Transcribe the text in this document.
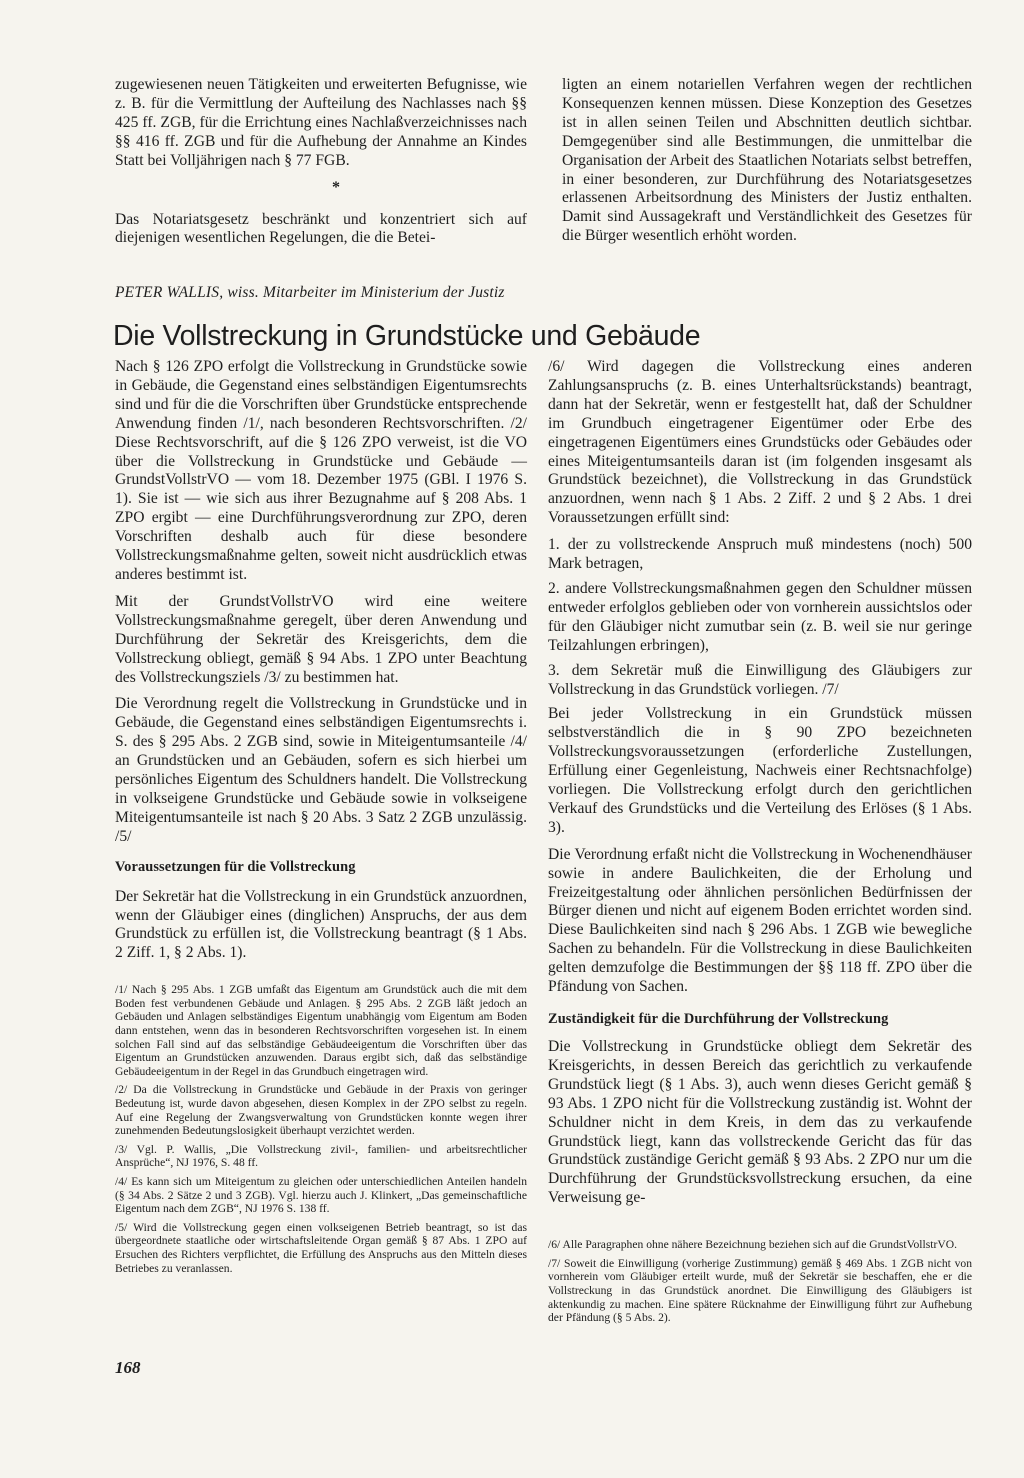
zugewiesenen neuen Tätigkeiten und erweiterten Befugnisse, wie z. B. für die Vermittlung der Aufteilung des Nachlasses nach §§ 425 ff. ZGB, für die Errichtung eines Nachlaßverzeichnisses nach §§ 416 ff. ZGB und für die Aufhebung der Annahme an Kindes Statt bei Volljährigen nach § 77 FGB.

*

Das Notariatsgesetz beschränkt und konzentriert sich auf diejenigen wesentlichen Regelungen, die die Betei-

ligten an einem notariellen Verfahren wegen der rechtlichen Konsequenzen kennen müssen. Diese Konzeption des Gesetzes ist in allen seinen Teilen und Abschnitten deutlich sichtbar. Demgegenüber sind alle Bestimmungen, die unmittelbar die Organisation der Arbeit des Staatlichen Notariats selbst betreffen, in einer besonderen, zur Durchführung des Notariatsgesetzes erlassenen Arbeitsordnung des Ministers der Justiz enthalten. Damit sind Aussagekraft und Verständlichkeit des Gesetzes für die Bürger wesentlich erhöht worden.

PETER WALLIS, wiss. Mitarbeiter im Ministerium der Justiz
Die Vollstreckung in Grundstücke und Gebäude

Nach § 126 ZPO erfolgt die Vollstreckung in Grundstücke sowie in Gebäude, die Gegenstand eines selbständigen Eigentumsrechts sind und für die die Vorschriften über Grundstücke entsprechende Anwendung finden /1/, nach besonderen Rechtsvorschriften. /2/ Diese Rechtsvorschrift, auf die § 126 ZPO verweist, ist die VO über die Vollstreckung in Grundstücke und Gebäude — GrundstVollstrVO — vom 18. Dezember 1975 (GBl. I 1976 S. 1). Sie ist — wie sich aus ihrer Bezugnahme auf § 208 Abs. 1 ZPO ergibt — eine Durchführungsverordnung zur ZPO, deren Vorschriften deshalb auch für diese besondere Vollstreckungsmaßnahme gelten, soweit nicht ausdrücklich etwas anderes bestimmt ist.

Mit der GrundstVollstrVO wird eine weitere Vollstreckungsmaßnahme geregelt, über deren Anwendung und Durchführung der Sekretär des Kreisgerichts, dem die Vollstreckung obliegt, gemäß § 94 Abs. 1 ZPO unter Beachtung des Vollstreckungsziels /3/ zu bestimmen hat.

Die Verordnung regelt die Vollstreckung in Grundstücke und in Gebäude, die Gegenstand eines selbständigen Eigentumsrechts i. S. des § 295 Abs. 2 ZGB sind, sowie in Miteigentumsanteile /4/ an Grundstücken und an Gebäuden, sofern es sich hierbei um persönliches Eigentum des Schuldners handelt. Die Vollstreckung in volkseigene Grundstücke und Gebäude sowie in volkseigene Miteigentumsanteile ist nach § 20 Abs. 3 Satz 2 ZGB unzulässig. /5/

Voraussetzungen für die Vollstreckung

Der Sekretär hat die Vollstreckung in ein Grundstück anzuordnen, wenn der Gläubiger eines (dinglichen) Anspruchs, der aus dem Grundstück zu erfüllen ist, die Vollstreckung beantragt (§ 1 Abs. 2 Ziff. 1, § 2 Abs. 1).

/1/ Nach § 295 Abs. 1 ZGB umfaßt das Eigentum am Grundstück auch die mit dem Boden fest verbundenen Gebäude und Anlagen. § 295 Abs. 2 ZGB läßt jedoch an Gebäuden und Anlagen selbständiges Eigentum unabhängig vom Eigentum am Boden dann entstehen, wenn das in besonderen Rechtsvorschriften vorgesehen ist. In einem solchen Fall sind auf das selbständige Gebäudeeigentum die Vorschriften über das Eigentum an Grundstücken anzuwenden. Daraus ergibt sich, daß das selbständige Gebäudeeigentum in der Regel in das Grundbuch eingetragen wird.

/2/ Da die Vollstreckung in Grundstücke und Gebäude in der Praxis von geringer Bedeutung ist, wurde davon abgesehen, diesen Komplex in der ZPO selbst zu regeln. Auf eine Regelung der Zwangsverwaltung von Grundstücken konnte wegen ihrer zunehmenden Bedeutungslosigkeit überhaupt verzichtet werden.

/3/ Vgl. P. Wallis, „Die Vollstreckung zivil-, familien- und arbeitsrechtlicher Ansprüche“, NJ 1976, S. 48 ff.

/4/ Es kann sich um Miteigentum zu gleichen oder unterschiedlichen Anteilen handeln (§ 34 Abs. 2 Sätze 2 und 3 ZGB). Vgl. hierzu auch J. Klinkert, „Das gemeinschaftliche Eigentum nach dem ZGB“, NJ 1976 S. 138 ff.

/5/ Wird die Vollstreckung gegen einen volkseigenen Betrieb beantragt, so ist das übergeordnete staatliche oder wirtschaftsleitende Organ gemäß § 87 Abs. 1 ZPO auf Ersuchen des Richters verpflichtet, die Erfüllung des Anspruchs aus den Mitteln dieses Betriebes zu veranlassen.

/6/ Wird dagegen die Vollstreckung eines anderen Zahlungsanspruchs (z. B. eines Unterhaltsrückstands) beantragt, dann hat der Sekretär, wenn er festgestellt hat, daß der Schuldner im Grundbuch eingetragener Eigentümer oder Erbe des eingetragenen Eigentümers eines Grundstücks oder Gebäudes oder eines Miteigentumsanteils daran ist (im folgenden insgesamt als Grundstück bezeichnet), die Vollstreckung in das Grundstück anzuordnen, wenn nach § 1 Abs. 2 Ziff. 2 und § 2 Abs. 1 drei Voraussetzungen erfüllt sind:

1. der zu vollstreckende Anspruch muß mindestens (noch) 500 Mark betragen,

2. andere Vollstreckungsmaßnahmen gegen den Schuldner müssen entweder erfolglos geblieben oder von vornherein aussichtslos oder für den Gläubiger nicht zumutbar sein (z. B. weil sie nur geringe Teilzahlungen erbringen),

3. dem Sekretär muß die Einwilligung des Gläubigers zur Vollstreckung in das Grundstück vorliegen. /7/

Bei jeder Vollstreckung in ein Grundstück müssen selbstverständlich die in § 90 ZPO bezeichneten Vollstreckungsvoraussetzungen (erforderliche Zustellungen, Erfüllung einer Gegenleistung, Nachweis einer Rechtsnachfolge) vorliegen. Die Vollstreckung erfolgt durch den gerichtlichen Verkauf des Grundstücks und die Verteilung des Erlöses (§ 1 Abs. 3).

Die Verordnung erfaßt nicht die Vollstreckung in Wochenendhäuser sowie in andere Baulichkeiten, die der Erholung und Freizeitgestaltung oder ähnlichen persönlichen Bedürfnissen der Bürger dienen und nicht auf eigenem Boden errichtet worden sind. Diese Baulichkeiten sind nach § 296 Abs. 1 ZGB wie bewegliche Sachen zu behandeln. Für die Vollstreckung in diese Baulichkeiten gelten demzufolge die Bestimmungen der §§ 118 ff. ZPO über die Pfändung von Sachen.

Zuständigkeit für die Durchführung der Vollstreckung

Die Vollstreckung in Grundstücke obliegt dem Sekretär des Kreisgerichts, in dessen Bereich das gerichtlich zu verkaufende Grundstück liegt (§ 1 Abs. 3), auch wenn dieses Gericht gemäß § 93 Abs. 1 ZPO nicht für die Vollstreckung zuständig ist. Wohnt der Schuldner nicht in dem Kreis, in dem das zu verkaufende Grundstück liegt, kann das vollstreckende Gericht das für das Grundstück zuständige Gericht gemäß § 93 Abs. 2 ZPO nur um die Durchführung der Grundstücksvollstreckung ersuchen, da eine Verweisung ge-

/6/ Alle Paragraphen ohne nähere Bezeichnung beziehen sich auf die GrundstVollstrVO.

/7/ Soweit die Einwilligung (vorherige Zustimmung) gemäß § 469 Abs. 1 ZGB nicht von vornherein vom Gläubiger erteilt wurde, muß der Sekretär sie beschaffen, ehe er die Vollstreckung in das Grundstück anordnet. Die Einwilligung des Gläubigers ist aktenkundig zu machen. Eine spätere Rücknahme der Einwilligung führt zur Aufhebung der Pfändung (§ 5 Abs. 2).

168
